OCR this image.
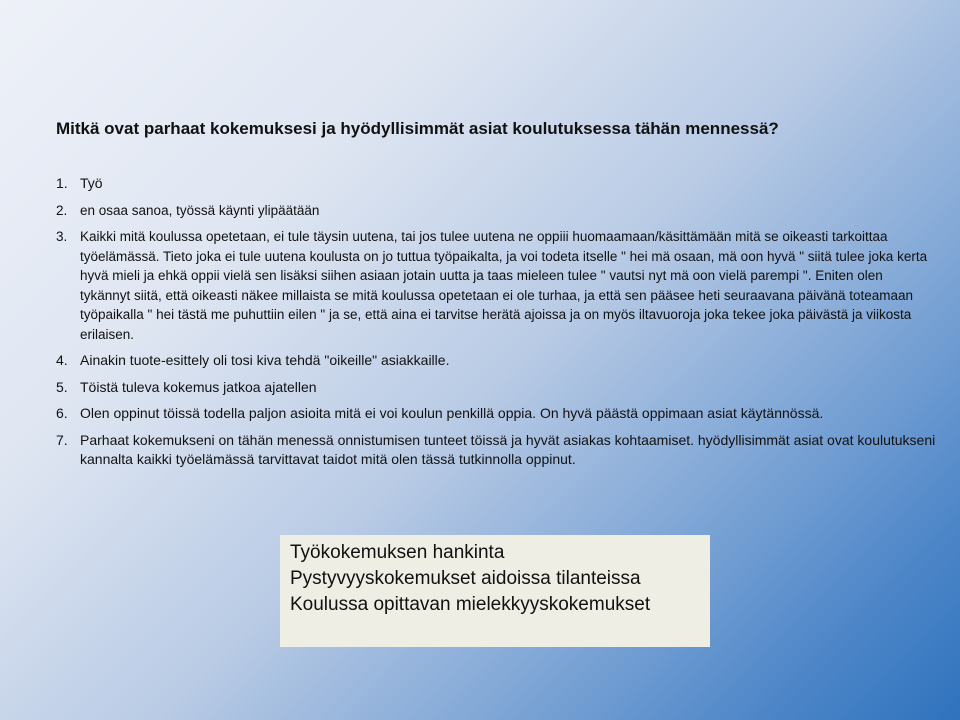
Mitkä ovat parhaat kokemuksesi ja hyödyllisimmät asiat koulutuksessa tähän mennessä?
1. Työ
2. en osaa sanoa, työssä käynti ylipäätään
3. Kaikki mitä koulussa opetetaan, ei tule täysin uutena, tai jos tulee uutena ne oppiii huomaamaan/käsittämään mitä se oikeasti tarkoittaa työelämässä. Tieto joka ei tule uutena koulusta on jo tuttua työpaikalta, ja voi todeta itselle " hei mä osaan, mä oon hyvä " siitä tulee joka kerta hyvä mieli ja ehkä oppii vielä sen lisäksi siihen asiaan jotain uutta ja taas mieleen tulee " vautsi nyt mä oon vielä parempi ". Eniten olen tykännyt siitä, että oikeasti näkee millaista se mitä koulussa opetetaan ei ole turhaa, ja että sen pääsee heti seuraavana päivänä toteamaan työpaikalla " hei tästä me puhuttiin eilen " ja se, että aina ei tarvitse herätä ajoissa ja on myös iltavuoroja joka tekee joka päivästä ja viikosta erilaisen.
4. Ainakin tuote-esittely oli tosi kiva tehdä "oikeille" asiakkaille.
5. Töistä tuleva kokemus jatkoa ajatellen
6. Olen oppinut töissä todella paljon asioita mitä ei voi koulun penkillä oppia. On hyvä päästä oppimaan asiat käytännössä.
7. Parhaat kokemukseni on tähän menessä onnistumisen tunteet töissä ja hyvät asiakas kohtaamiset. hyödyllisimmät asiat ovat koulutukseni kannalta kaikki työelämässä tarvittavat taidot mitä olen tässä tutkinnolla oppinut.
Työkokemuksen hankinta
Pystyvyyskokemukset aidoissa tilanteissa
Koulussa opittavan mielekkyyskokemukset
